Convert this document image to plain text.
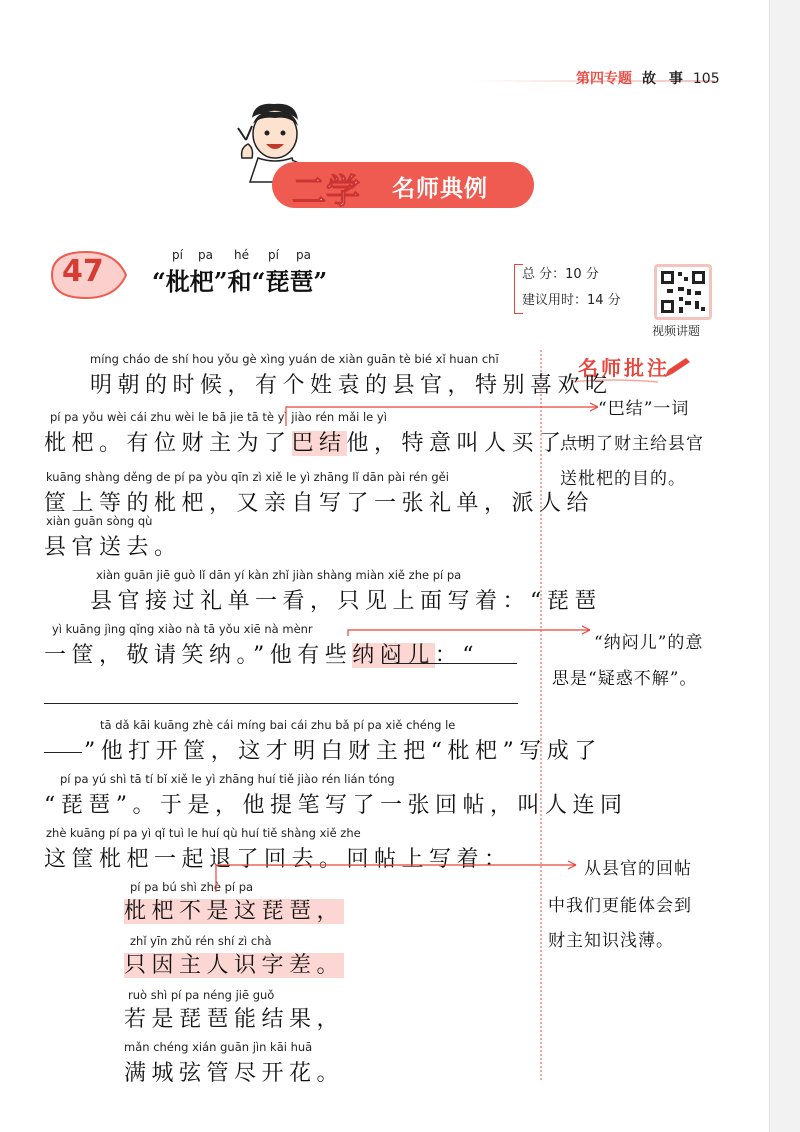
第四专题 故 事 105
二学 名师典例
47	pí pa hé pí pa
“枇杷”和“琵琶”	总 分：10 分
建议用时：14 分
视频讲题
名师批注
míng cháo de shí hou yǒu gè xìng yuán de xiàn guān tè bié xǐ huan chī
明朝的时候，有个姓袁的县官，特别喜欢吃
pí pa yǒu wèi cái zhu wèi le bā jie tā tè yì jiào rén mǎi le yì
枇杷。有位财主为了巴结他，特意叫人买了一
kuāng shàng děng de pí pa yòu qīn zì xiě le yì zhāng lǐ dān pài rén gěi
筐上等的枇杷，又亲自写了一张礼单，派人给
xiàn guān sòng qù
县官送去。
xiàn guān jiē guò lǐ dān yí kàn zhǐ jiàn shàng miàn xiě zhe pí pa
县官接过礼单一看，只见上面写着：“琵琶
yì kuāng jìng qǐng xiào nà tā yǒu xiē nà mènr
一筐，敬请笑纳。”他有些纳闷儿：“
tā dǎ kāi kuāng zhè cái míng bai cái zhu bǎ pí pa xiě chéng le
”他打开筐，这才明白财主把“枇杷”写成了
pí pa yú shì tā tí bǐ xiě le yì zhāng huí tiě jiào rén lián tóng
“琵琶”。于是，他提笔写了一张回帖，叫人连同
zhè kuāng pí pa yì qǐ tuì le huí qù huí tiě shàng xiě zhe
这筐枇杷一起退了回去。回帖上写着：
pí pa bú shì zhè pí pa
枇杷不是这琵琶，
zhǐ yīn zhǔ rén shí zì chà
只因主人识字差。
ruò shì pí pa néng jiē guǒ
若是琵琶能结果，
mǎn chéng xián guān jìn kāi huā
满城弦管尽开花。
“巴结”一词
点明了财主给县官
送枇杷的目的。
“纳闷儿”的意
思是“疑惑不解”。
从县官的回帖
中我们更能体会到
财主知识浅薄。
